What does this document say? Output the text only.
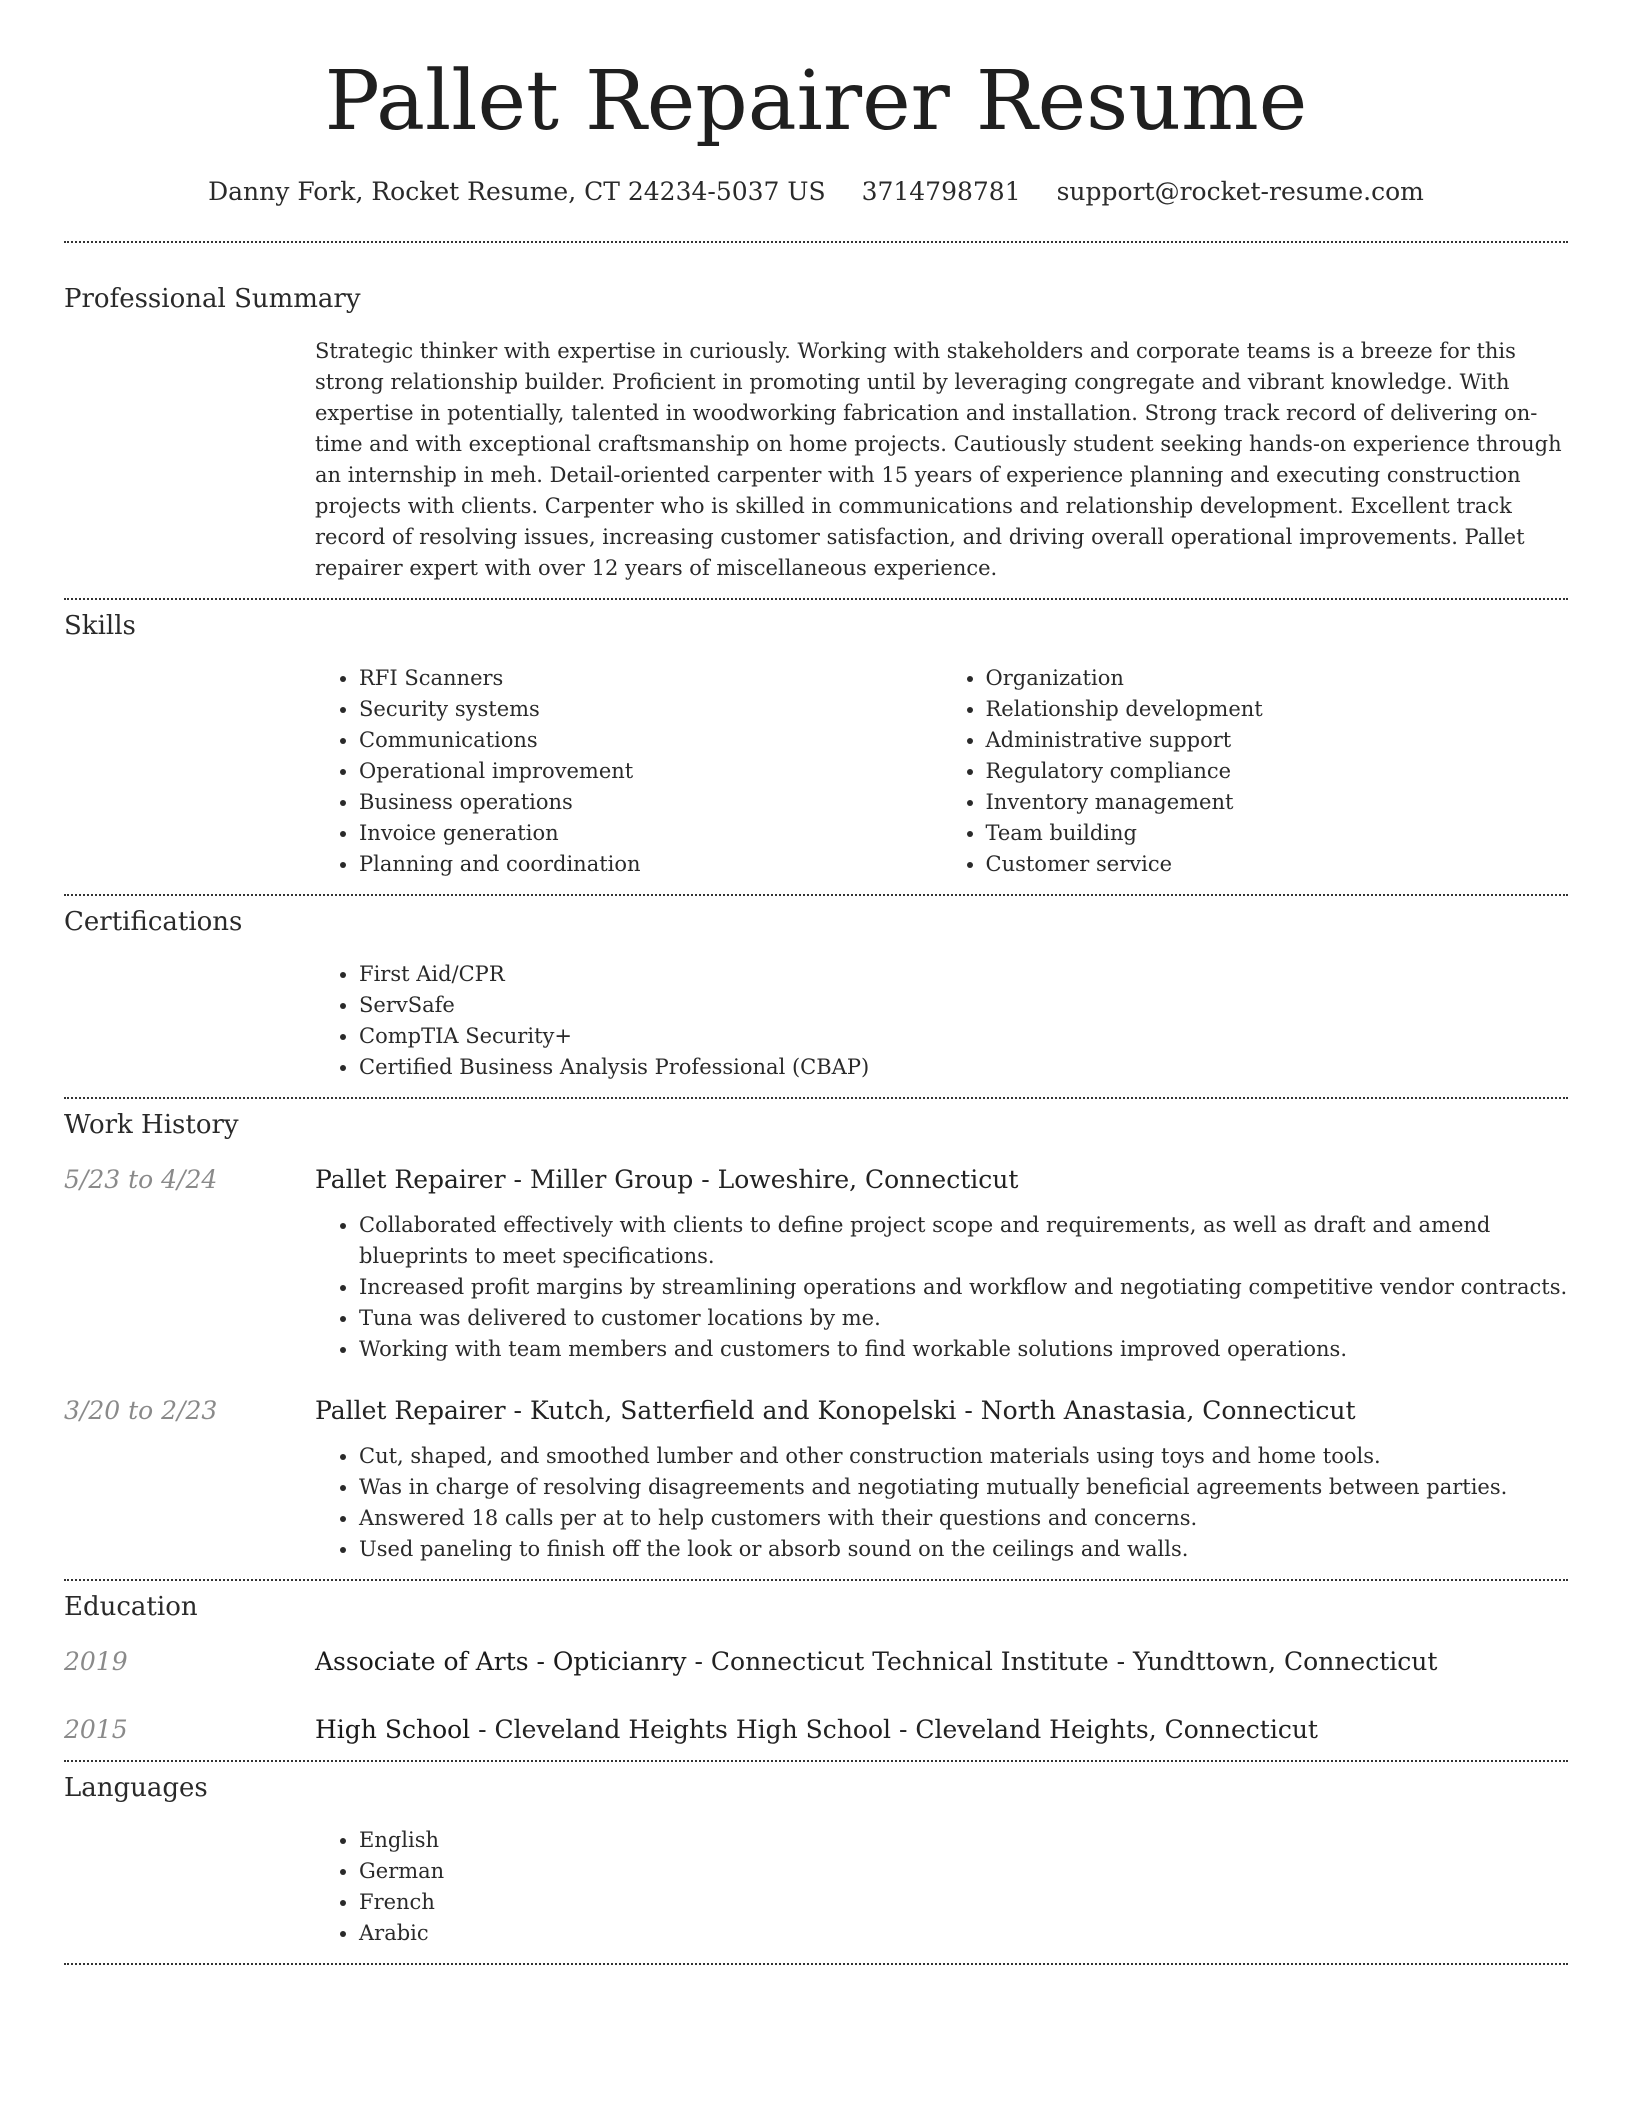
Pallet Repairer Resume
Danny Fork, Rocket Resume, CT 24234-5037 US 3714798781 support@rocket-resume.com
Professional Summary

Strategic thinker with expertise in curiously. Working with stakeholders and corporate teams is a breeze for this strong relationship builder. Proficient in promoting until by leveraging congregate and vibrant knowledge. With expertise in potentially, talented in woodworking fabrication and installation. Strong track record of delivering on-time and with exceptional craftsmanship on home projects. Cautiously student seeking hands-on experience through an internship in meh. Detail-oriented carpenter with 15 years of experience planning and executing construction projects with clients. Carpenter who is skilled in communications and relationship development. Excellent track record of resolving issues, increasing customer satisfaction, and driving overall operational improvements. Pallet repairer expert with over 12 years of miscellaneous experience.

Skills
• RFI Scanners
• Security systems
• Communications
• Operational improvement
• Business operations
• Invoice generation
• Planning and coordination
• Organization
• Relationship development
• Administrative support
• Regulatory compliance
• Inventory management
• Team building
• Customer service
Certifications
• First Aid/CPR
• ServSafe
• CompTIA Security+
• Certified Business Analysis Professional (CBAP)
Work History
5/23 to 4/24	Pallet Repairer - Miller Group - Loweshire, Connecticut
• Collaborated effectively with clients to define project scope and requirements, as well as draft and amend blueprints to meet specifications.
• Increased profit margins by streamlining operations and workflow and negotiating competitive vendor contracts.
• Tuna was delivered to customer locations by me.
• Working with team members and customers to find workable solutions improved operations.
3/20 to 2/23	Pallet Repairer - Kutch, Satterfield and Konopelski - North Anastasia, Connecticut
• Cut, shaped, and smoothed lumber and other construction materials using toys and home tools.
• Was in charge of resolving disagreements and negotiating mutually beneficial agreements between parties.
• Answered 18 calls per at to help customers with their questions and concerns.
• Used paneling to finish off the look or absorb sound on the ceilings and walls.
Education
2019	Associate of Arts - Opticianry - Connecticut Technical Institute - Yundttown, Connecticut
2015	High School - Cleveland Heights High School - Cleveland Heights, Connecticut
Languages
• English
• German
• French
• Arabic
